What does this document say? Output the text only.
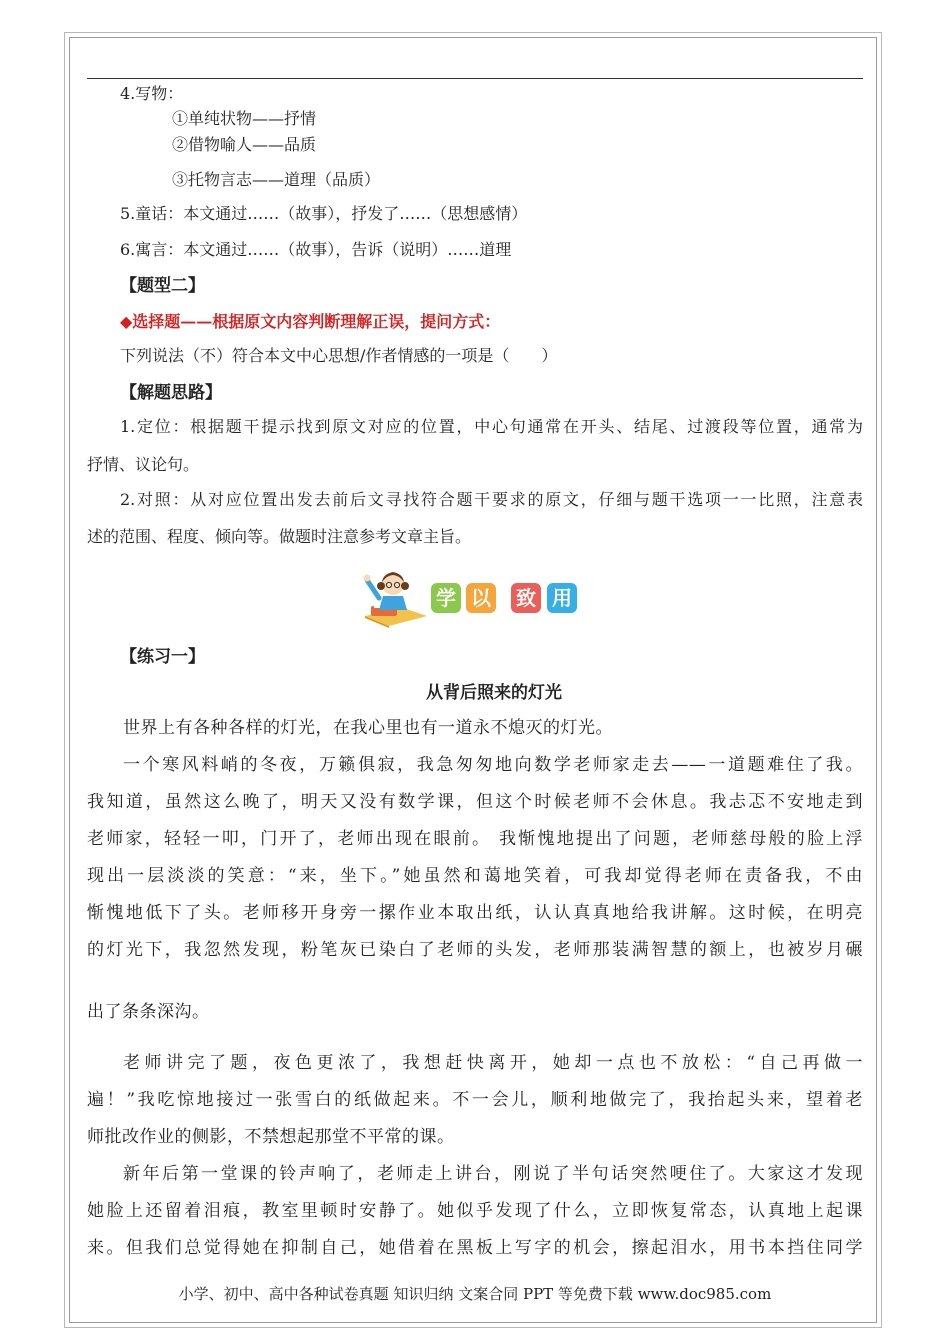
4.写物：
①单纯状物——抒情
②借物喻人——品质
③托物言志——道理（品质）
5.童话：本文通过……（故事），抒发了……（思想感情）
6.寓言：本文通过……（故事），告诉（说明）……道理
【题型二】
◆选择题——根据原文内容判断理解正误，提问方式：
下列说法（不）符合本文中心思想/作者情感的一项是（　　）
【解题思路】
1.定位：根据题干提示找到原文对应的位置，中心句通常在开头、结尾、过渡段等位置，通常为
抒情、议论句。
2.对照：从对应位置出发去前后文寻找符合题干要求的原文，仔细与题干选项一一比照，注意表
述的范围、程度、倾向等。做题时注意参考文章主旨。
学 以 致 用
【练习一】
从背后照来的灯光
世界上有各种各样的灯光，在我心里也有一道永不熄灭的灯光。
一个寒风料峭的冬夜，万籁俱寂，我急匆匆地向数学老师家走去——一道题难住了我。
我知道，虽然这么晚了，明天又没有数学课，但这个时候老师不会休息。我忐忑不安地走到
老师家，轻轻一叩，门开了，老师出现在眼前。 我惭愧地提出了问题，老师慈母般的脸上浮
现出一层淡淡的笑意：“来，坐下。”她虽然和蔼地笑着，可我却觉得老师在责备我，不由
惭愧地低下了头。老师移开身旁一摞作业本取出纸，认认真真地给我讲解。这时候，在明亮
的灯光下，我忽然发现，粉笔灰已染白了老师的头发，老师那装满智慧的额上，也被岁月碾
出了条条深沟。
老师讲完了题，夜色更浓了，我想赶快离开，她却一点也不放松：“自己再做一
遍！”我吃惊地接过一张雪白的纸做起来。不一会儿，顺利地做完了，我抬起头来，望着老
师批改作业的侧影，不禁想起那堂不平常的课。
新年后第一堂课的铃声响了，老师走上讲台，刚说了半句话突然哽住了。大家这才发现
她脸上还留着泪痕，教室里顿时安静了。她似乎发现了什么，立即恢复常态，认真地上起课
来。但我们总觉得她在抑制自己，她借着在黑板上写字的机会，擦起泪水，用书本挡住同学
小学、初中、高中各种试卷真题 知识归纳 文案合同 PPT 等免费下载 www.doc985.com
